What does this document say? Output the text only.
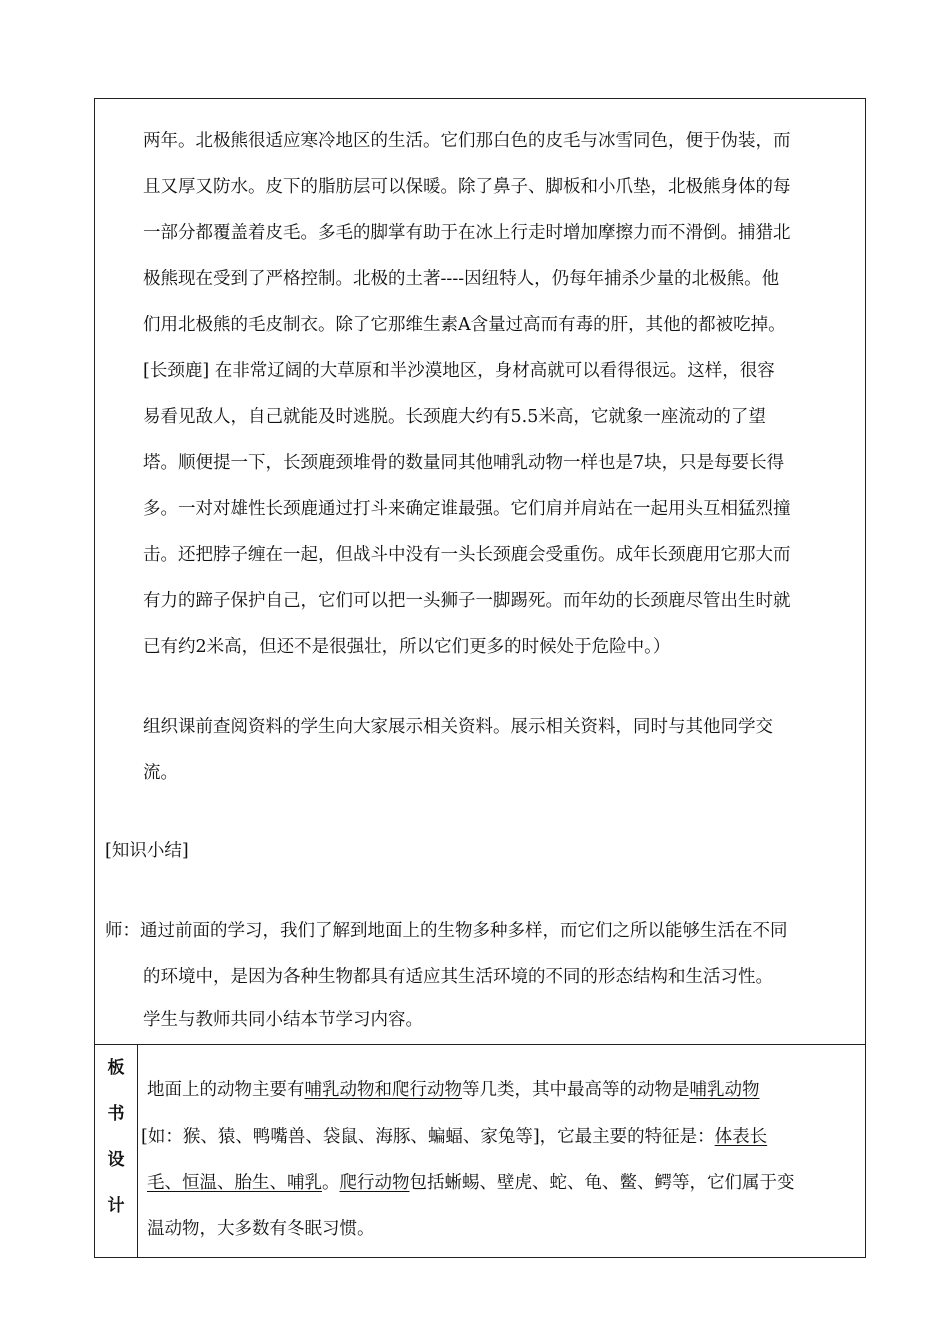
两年。北极熊很适应寒冷地区的生活。它们那白色的皮毛与冰雪同色，便于伪装，而

且又厚又防水。皮下的脂肪层可以保暖。除了鼻子、脚板和小爪垫，北极熊身体的每

一部分都覆盖着皮毛。多毛的脚掌有助于在冰上行走时增加摩擦力而不滑倒。捕猎北

极熊现在受到了严格控制。北极的土著----因纽特人，仍每年捕杀少量的北极熊。他

们用北极熊的毛皮制衣。除了它那维生素A含量过高而有毒的肝，其他的都被吃掉。

[长颈鹿] 在非常辽阔的大草原和半沙漠地区，身材高就可以看得很远。这样，很容

易看见敌人，自己就能及时逃脱。长颈鹿大约有5.5米高，它就象一座流动的了望

塔。顺便提一下，长颈鹿颈堆骨的数量同其他哺乳动物一样也是7块，只是每要长得

多。一对对雄性长颈鹿通过打斗来确定谁最强。它们肩并肩站在一起用头互相猛烈撞

击。还把脖子缠在一起，但战斗中没有一头长颈鹿会受重伤。成年长颈鹿用它那大而

有力的蹄子保护自己，它们可以把一头狮子一脚踢死。而年幼的长颈鹿尽管出生时就

已有约2米高，但还不是很强壮，所以它们更多的时候处于危险中。）

组织课前查阅资料的学生向大家展示相关资料。展示相关资料，同时与其他同学交

流。

[知识小结]

师：通过前面的学习，我们了解到地面上的生物多种多样，而它们之所以能够生活在不同

的环境中，是因为各种生物都具有适应其生活环境的不同的形态结构和生活习性。

学生与教师共同小结本节学习内容。

板
书
设
计

地面上的动物主要有哺乳动物和爬行动物等几类，其中最高等的动物是哺乳动物

[如：猴、猿、鸭嘴兽、袋鼠、海豚、蝙蝠、家兔等]，它最主要的特征是：体表长

毛、恒温、胎生、哺乳。爬行动物包括蜥蜴、壁虎、蛇、龟、鳖、鳄等，它们属于变

温动物，大多数有冬眠习惯。
